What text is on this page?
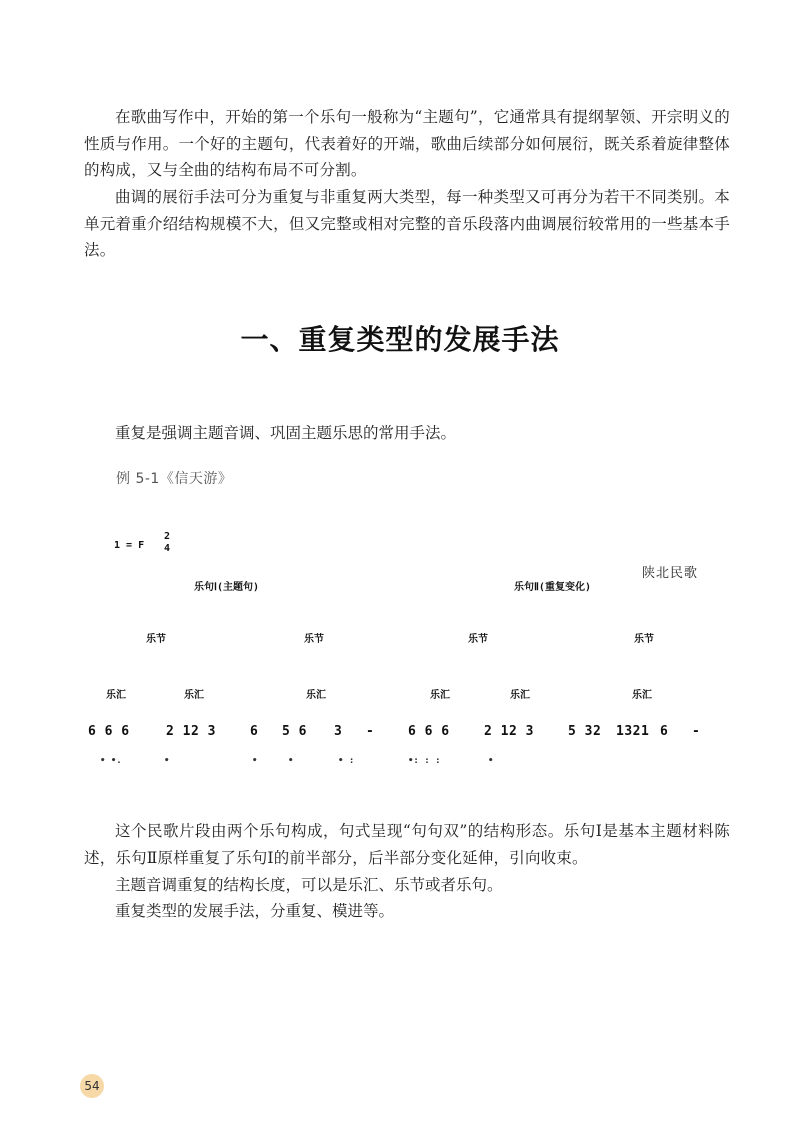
在歌曲写作中，开始的第一个乐句一般称为“主题句”，它通常具有提纲挈领、开宗明义的性质与作用。一个好的主题句，代表着好的开端，歌曲后续部分如何展衍，既关系着旋律整体的构成，又与全曲的结构布局不可分割。

曲调的展衍手法可分为重复与非重复两大类型，每一种类型又可再分为若干不同类别。本单元着重介绍结构规模不大，但又完整或相对完整的音乐段落内曲调展衍较常用的一些基本手法。

一、重复类型的发展手法
重复是强调主题音调、巩固主题乐思的常用手法。
例 5-1《信天游》
1 = F
2
4
乐句Ⅰ(主题句)	乐句Ⅱ(重复变化)
乐节	乐节	乐节	乐节
乐汇	乐汇	乐汇	乐汇	乐汇	乐汇
6 6 6	2 12 3	6 5 6 3 -	6 6 6	2 12 3	5 32 1321 6 -
• •.	•	•	•	• :	•: : :	•
陕北民歌

这个民歌片段由两个乐句构成，句式呈现“句句双”的结构形态。乐句Ⅰ是基本主题材料陈述，乐句Ⅱ原样重复了乐句Ⅰ的前半部分，后半部分变化延伸，引向收束。

主题音调重复的结构长度，可以是乐汇、乐节或者乐句。
重复类型的发展手法，分重复、模进等。
54
